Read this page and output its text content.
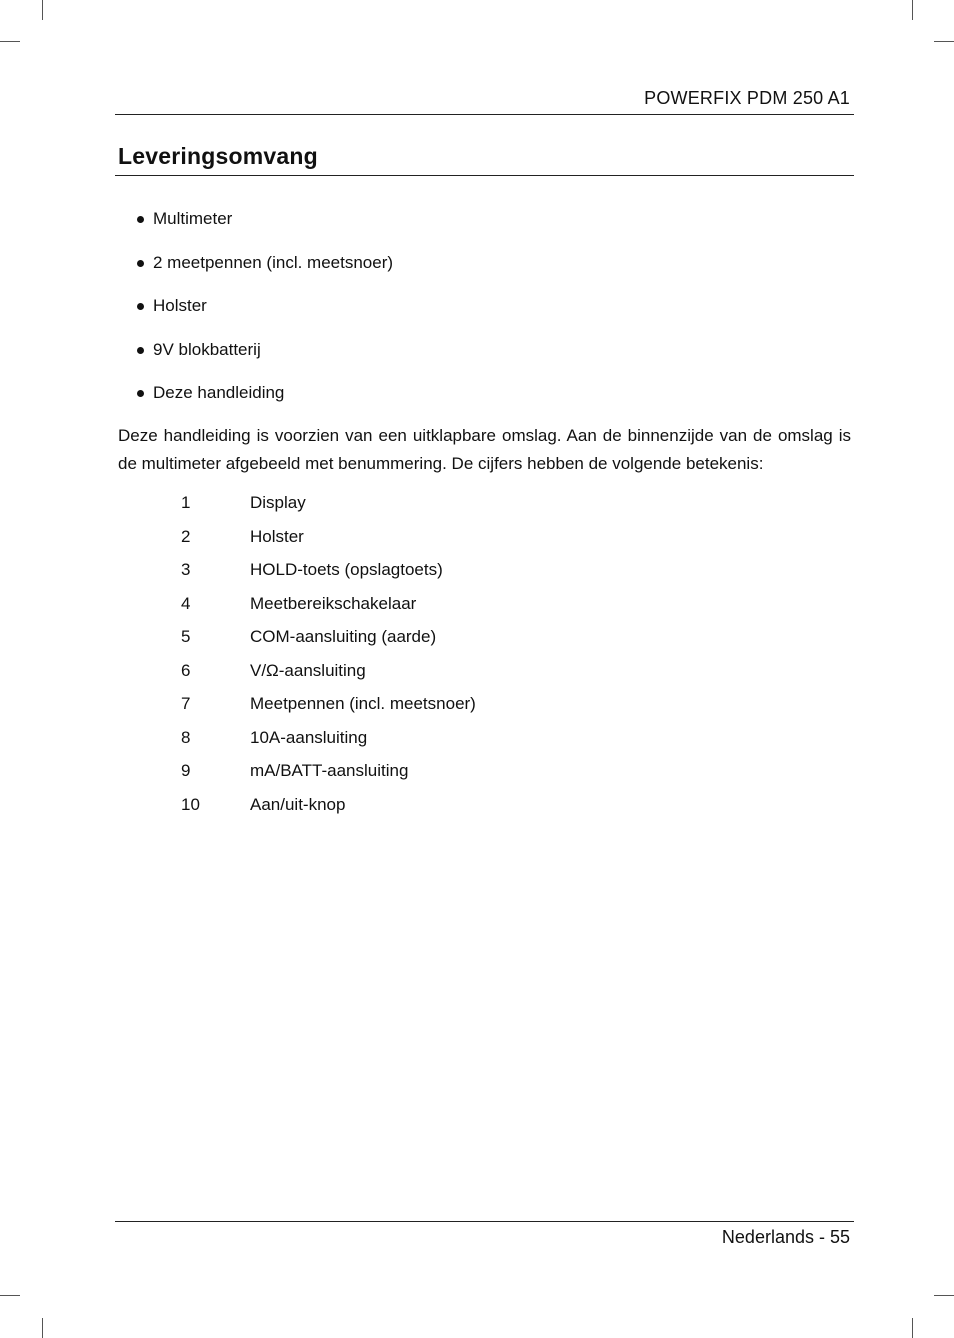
POWERFIX PDM 250 A1
Leveringsomvang
Multimeter
2 meetpennen (incl. meetsnoer)
Holster
9V blokbatterij
Deze handleiding

Deze handleiding is voorzien van een uitklapbare omslag. Aan de binnenzijde van de omslag is de multimeter afgebeeld met benummering. De cijfers hebben de volgende betekenis:

1	Display
2	Holster
3	HOLD-toets (opslagtoets)
4	Meetbereikschakelaar
5	COM-aansluiting (aarde)
6	V/Ω-aansluiting
7	Meetpennen (incl. meetsnoer)
8	10A-aansluiting
9	mA/BATT-aansluiting
10	Aan/uit-knop
Nederlands - 55
